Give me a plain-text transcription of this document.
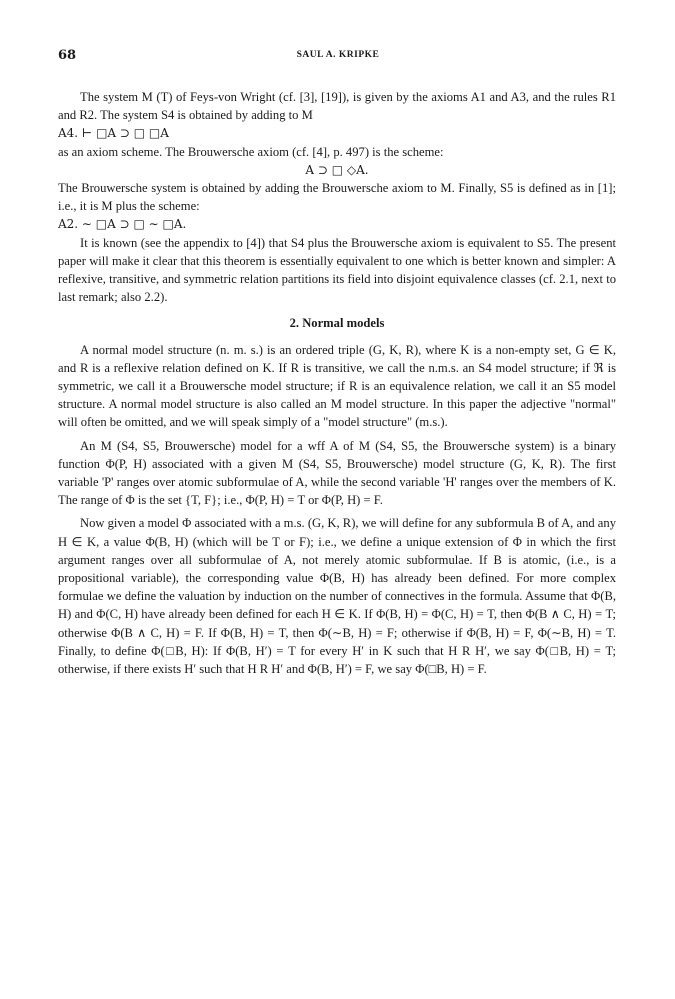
68	SAUL A. KRIPKE

The system M (T) of Feys-von Wright (cf. [3], [19]), is given by the axioms A1 and A3, and the rules R1 and R2. The system S4 is obtained by adding to M

A4. ⊢ □A ⊃ □ □A

as an axiom scheme. The Brouwersche axiom (cf. [4], p. 497) is the scheme:

A ⊃ □ ◇A.

The Brouwersche system is obtained by adding the Brouwersche axiom to M. Finally, S5 is defined as in [1]; i.e., it is M plus the scheme:

A2. ∼ □A ⊃ □ ∼ □A.

It is known (see the appendix to [4]) that S4 plus the Brouwersche axiom is equivalent to S5. The present paper will make it clear that this theorem is essentially equivalent to one which is better known and simpler: A reflexive, transitive, and symmetric relation partitions its field into disjoint equivalence classes (cf. 2.1, next to last remark; also 2.2).

2. Normal models

A normal model structure (n. m. s.) is an ordered triple (G, K, R), where K is a non-empty set, G ∈ K, and R is a reflexive relation defined on K. If R is transitive, we call the n.m.s. an S4 model structure; if ℜ is symmetric, we call it a Brouwersche model structure; if R is an equivalence relation, we call it an S5 model structure. A normal model structure is also called an M model structure. In this paper the adjective "normal" will often be omitted, and we will speak simply of a "model structure" (m.s.).

An M (S4, S5, Brouwersche) model for a wff A of M (S4, S5, the Brouwersche system) is a binary function Φ(P, H) associated with a given M (S4, S5, Brouwersche) model structure (G, K, R). The first variable 'P' ranges over atomic subformulae of A, while the second variable 'H' ranges over the members of K. The range of Φ is the set {T, F}; i.e., Φ(P, H) = T or Φ(P, H) = F.

Now given a model Φ associated with a m.s. (G, K, R), we will define for any subformula B of A, and any H ∈ K, a value Φ(B, H) (which will be T or F); i.e., we define a unique extension of Φ in which the first argument ranges over all subformulae of A, not merely atomic subformulae. If B is atomic, (i.e., is a propositional variable), the corresponding value Φ(B, H) has already been defined. For more complex formulae we define the valuation by induction on the number of connectives in the formula. Assume that Φ(B, H) and Φ(C, H) have already been defined for each H ∈ K. If Φ(B, H) = Φ(C, H) = T, then Φ(B ∧ C, H) = T; otherwise Φ(B ∧ C, H) = F. If Φ(B, H) = T, then Φ(∼B, H) = F; otherwise if Φ(B, H) = F, Φ(∼B, H) = T. Finally, to define Φ(□B, H): If Φ(B, H′) = T for every H′ in K such that H R H′, we say Φ(□B, H) = T; otherwise, if there exists H′ such that H R H′ and Φ(B, H′) = F, we say Φ(□B, H) = F.
